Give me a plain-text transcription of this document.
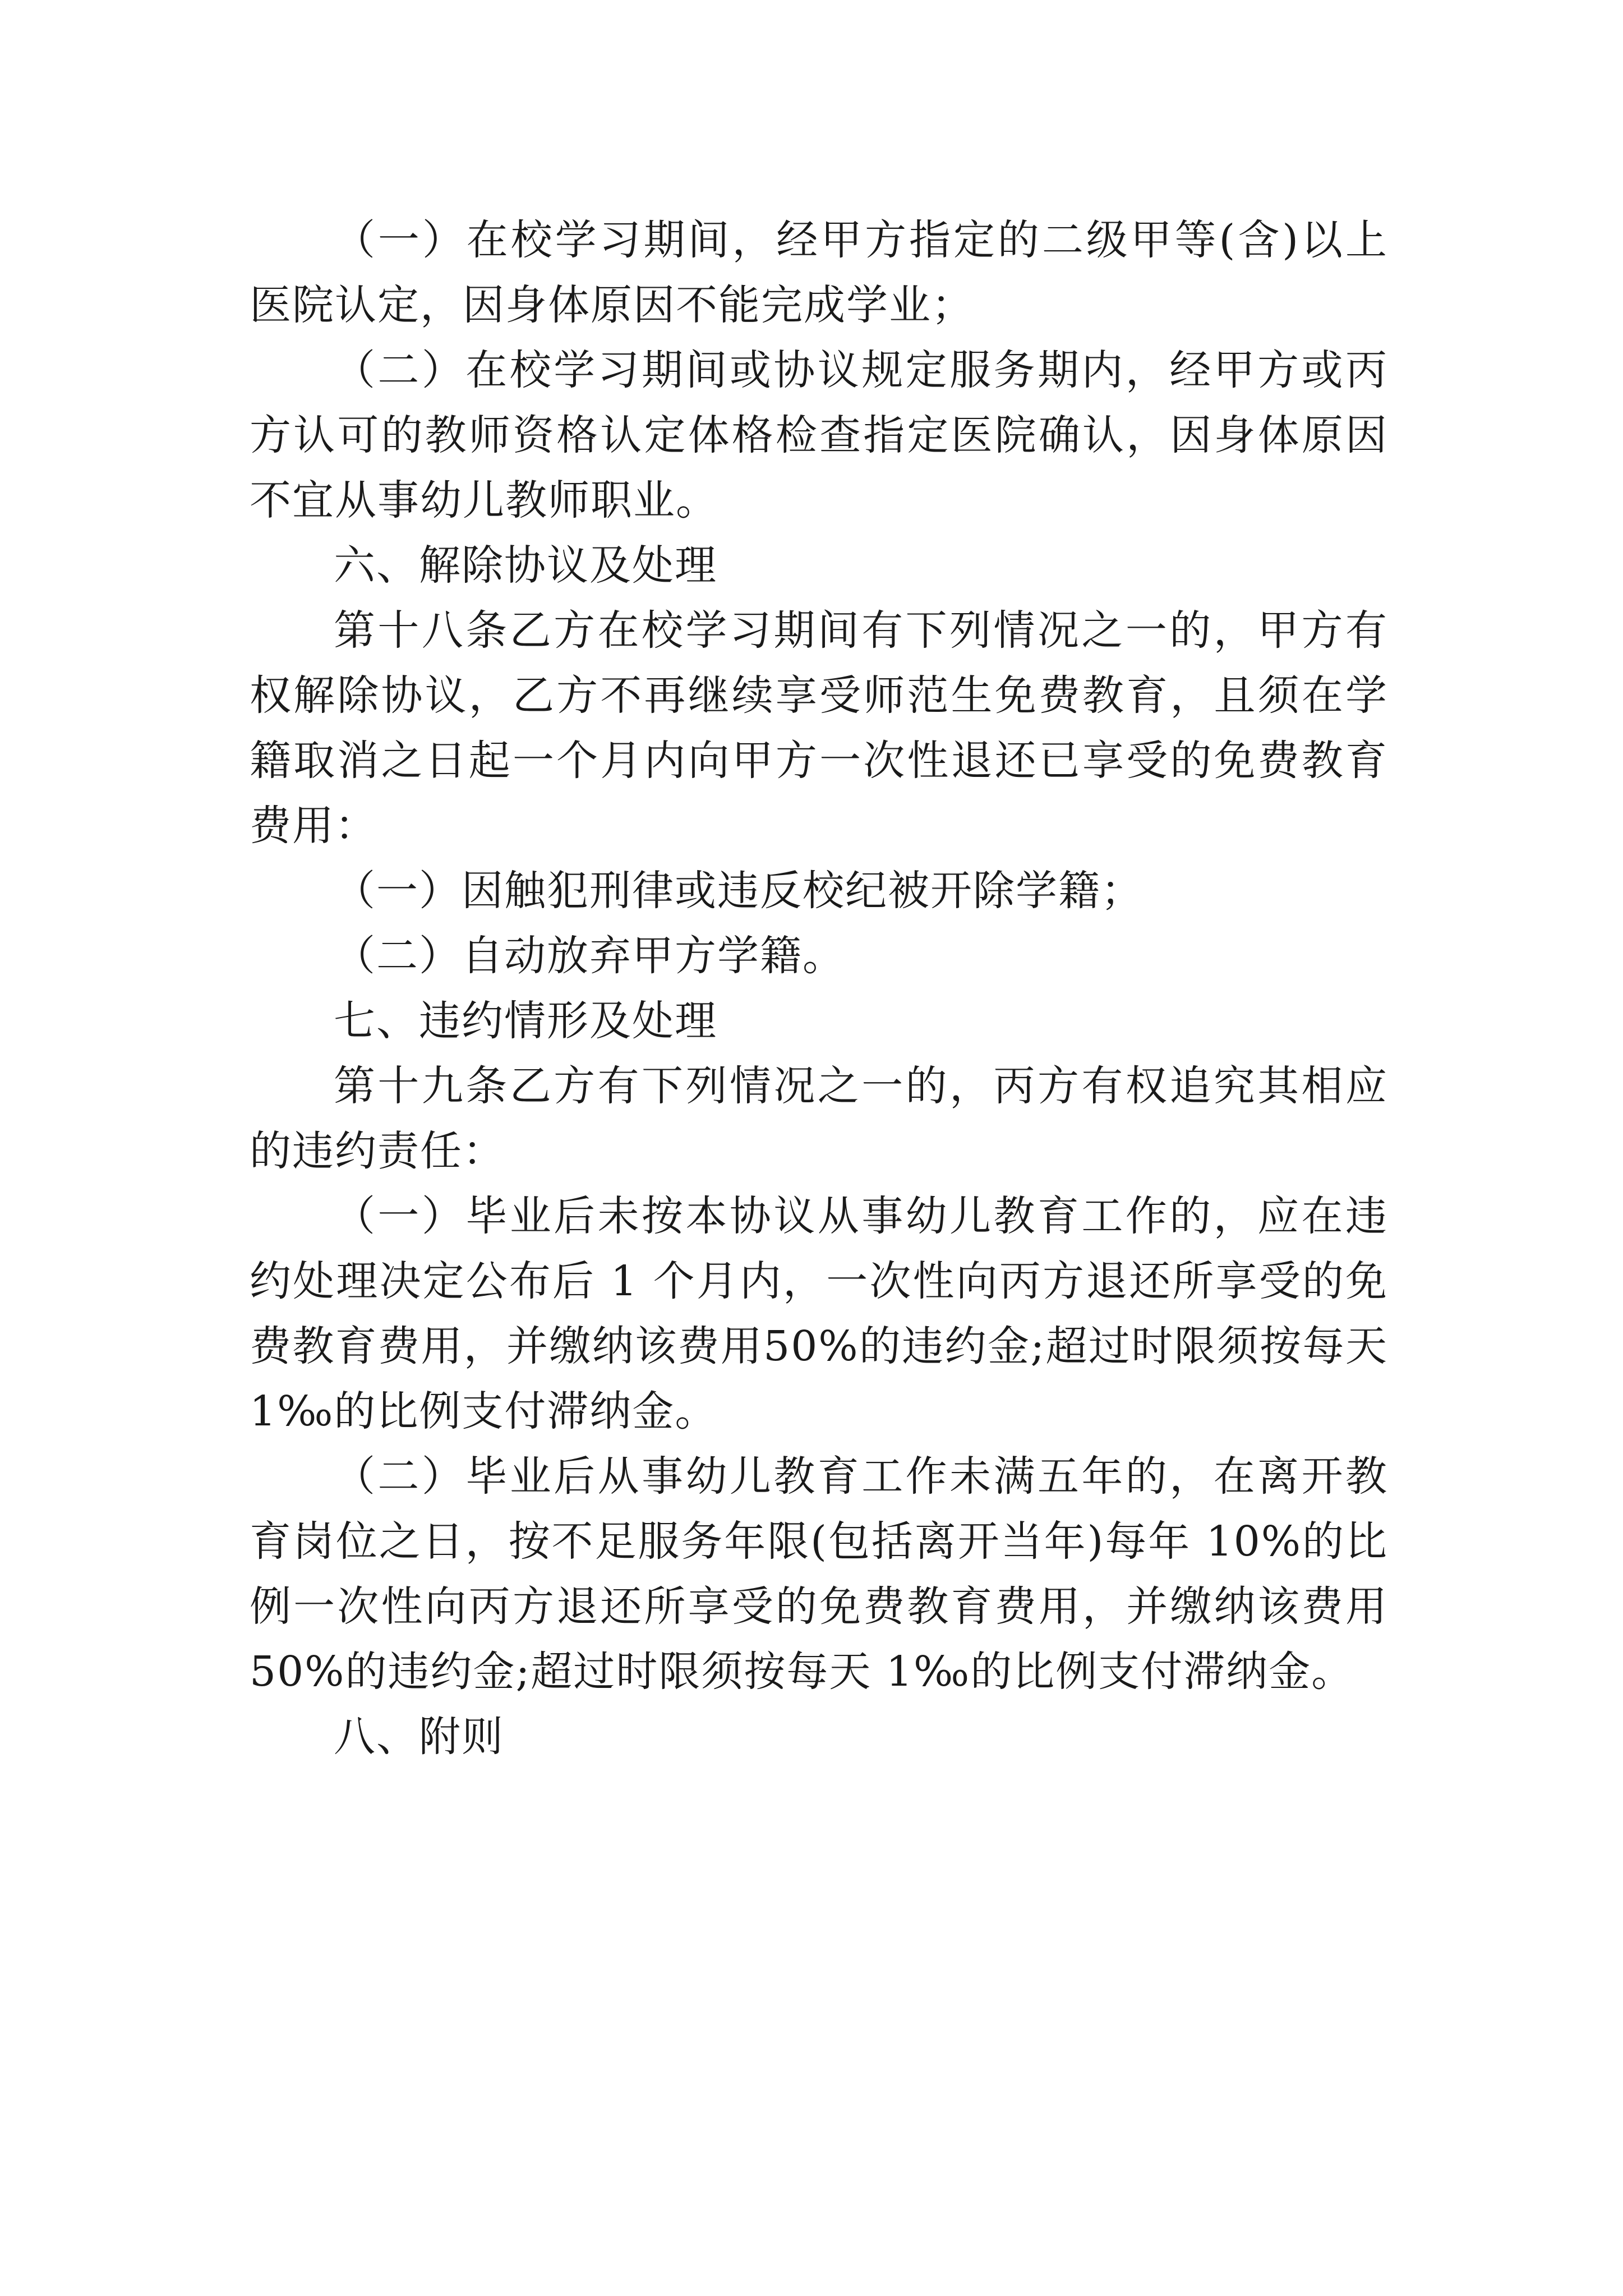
（一）在校学习期间，经甲方指定的二级甲等(含)以上医院认定，因身体原因不能完成学业；

（二）在校学习期间或协议规定服务期内，经甲方或丙方认可的教师资格认定体格检查指定医院确认，因身体原因不宜从事幼儿教师职业。

六、解除协议及处理

第十八条乙方在校学习期间有下列情况之一的，甲方有权解除协议，乙方不再继续享受师范生免费教育，且须在学籍取消之日起一个月内向甲方一次性退还已享受的免费教育费用：

（一）因触犯刑律或违反校纪被开除学籍；

（二）自动放弃甲方学籍。

七、违约情形及处理

第十九条乙方有下列情况之一的，丙方有权追究其相应的违约责任：

（一）毕业后未按本协议从事幼儿教育工作的，应在违约处理决定公布后 1 个月内，一次性向丙方退还所享受的免费教育费用，并缴纳该费用50%的违约金;超过时限须按每天1‰的比例支付滞纳金。

（二）毕业后从事幼儿教育工作未满五年的，在离开教育岗位之日，按不足服务年限(包括离开当年)每年 10%的比例一次性向丙方退还所享受的免费教育费用，并缴纳该费用50%的违约金;超过时限须按每天 1‰的比例支付滞纳金。

八、附则
